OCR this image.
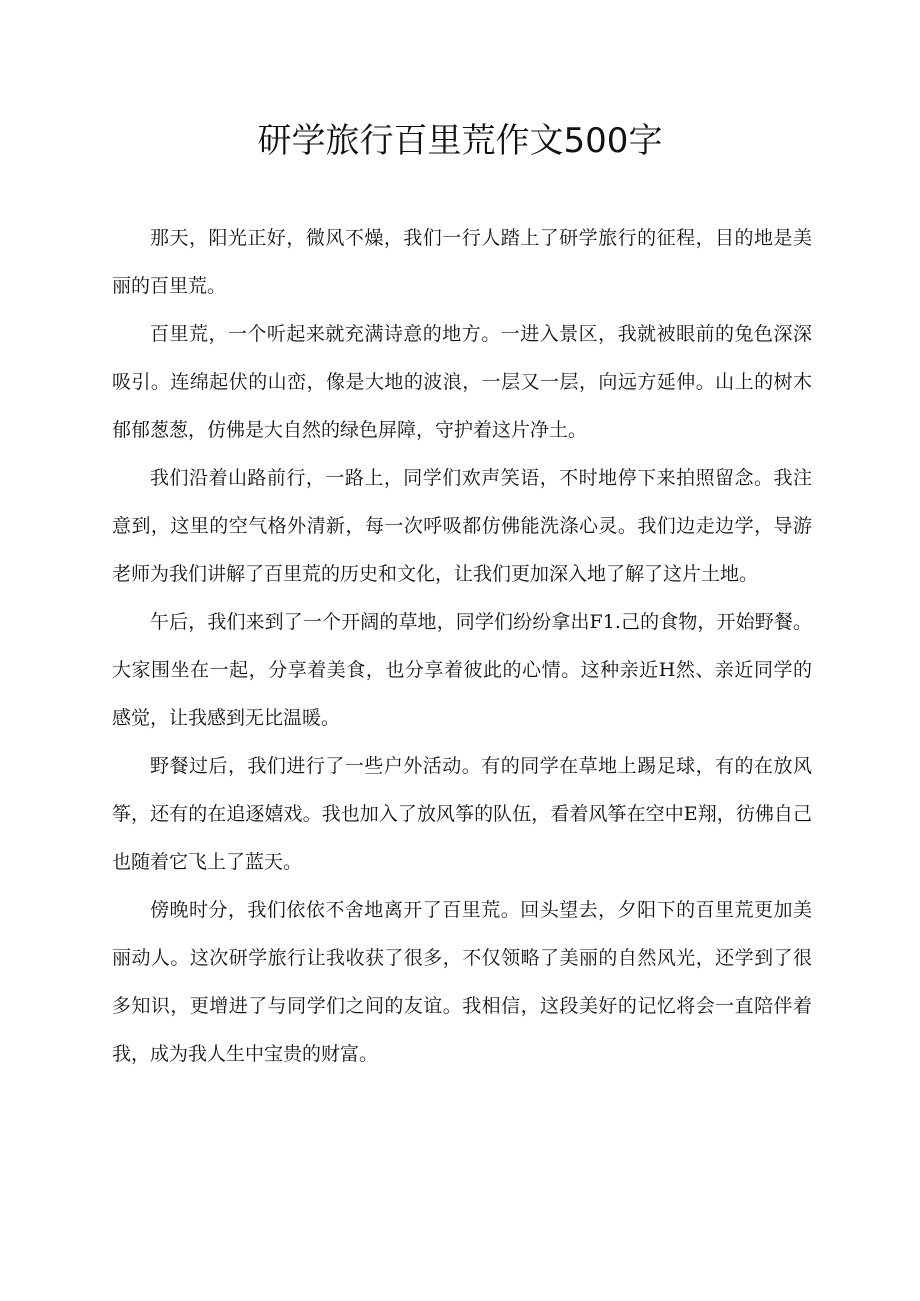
研学旅行百里荒作文500字

那天，阳光正好，微风不燥，我们一行人踏上了研学旅行的征程，目的地是美丽的百里荒。

百里荒，一个听起来就充满诗意的地方。一进入景区，我就被眼前的兔色深深吸引。连绵起伏的山峦，像是大地的波浪，一层又一层，向远方延伸。山上的树木郁郁葱葱，仿佛是大自然的绿色屏障，守护着这片净土。

我们沿着山路前行，一路上，同学们欢声笑语，不时地停下来拍照留念。我注意到，这里的空气格外清新，每一次呼吸都仿佛能洗涤心灵。我们边走边学，导游老师为我们讲解了百里荒的历史和文化，让我们更加深入地了解了这片土地。

午后，我们来到了一个开阔的草地，同学们纷纷拿出F1.己的食物，开始野餐。大家围坐在一起，分享着美食，也分享着彼此的心情。这种亲近H然、亲近同学的感觉，让我感到无比温暖。

野餐过后，我们进行了一些户外活动。有的同学在草地上踢足球，有的在放风筝，还有的在追逐嬉戏。我也加入了放风筝的队伍，看着风筝在空中E翔，彷佛自己也随着它飞上了蓝天。

傍晚时分，我们依依不舍地离开了百里荒。回头望去，夕阳下的百里荒更加美丽动人。这次研学旅行让我收获了很多，不仅领略了美丽的自然风光，还学到了很多知识，更增进了与同学们之间的友谊。我相信，这段美好的记忆将会一直陪伴着我，成为我人生中宝贵的财富。
